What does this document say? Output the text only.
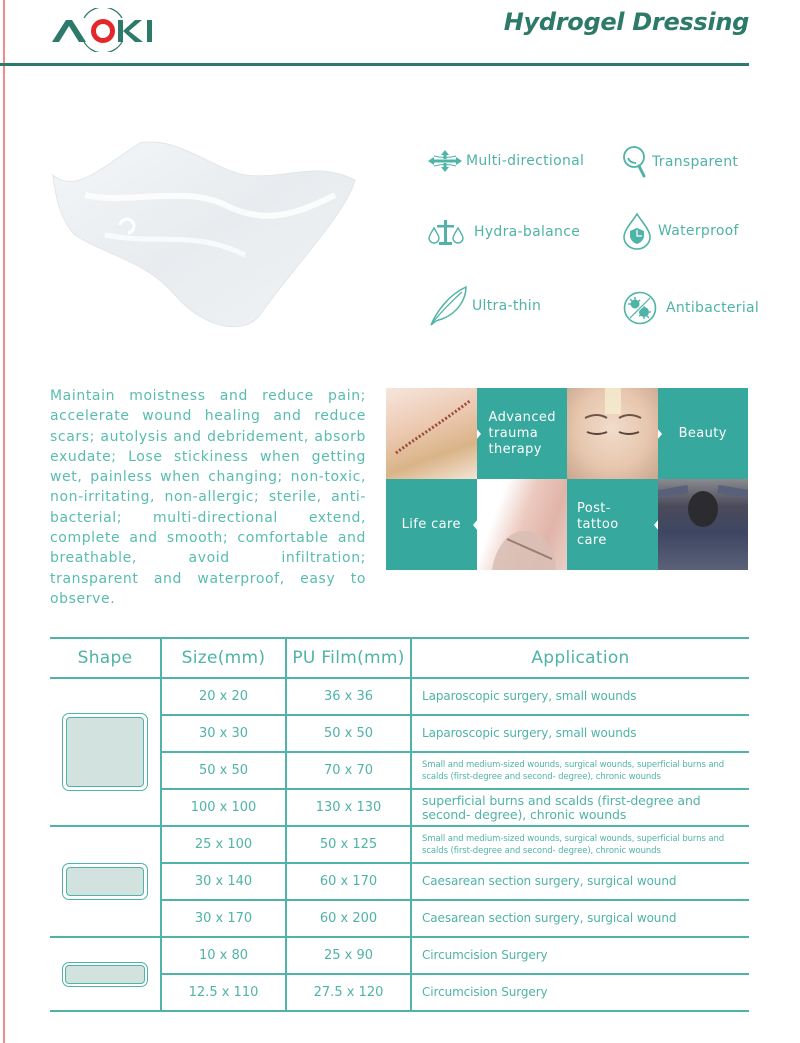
Hydrogel Dressing
Multi-directional	Transparent
Hydra-balance	Waterproof
Ultra-thin	Antibacterial
Maintain moistness and reduce pain; accelerate wound healing and reduce scars; autolysis and debridement, absorb exudate; Lose stickiness when getting wet, painless when changing; non-toxic, non-irritating, non-allergic; sterile, anti-bacterial; multi-directional extend, complete and smooth; comfortable and breathable, avoid infiltration; transparent and waterproof, easy to observe.
Advanced trauma therapy
Beauty
Life care
Post-tattoo care
Shape	Size(mm)	PU Film(mm)	Application

	20 x 20	36 x 36	Laparoscopic surgery, small wounds
	30 x 30	50 x 50	Laparoscopic surgery, small wounds
	50 x 50	70 x 70	Small and medium-sized wounds, surgical wounds, superficial burns and scalds (first-degree and second- degree), chronic wounds
	100 x 100	130 x 130	superficial burns and scalds (first-degree and second- degree), chronic wounds

	25 x 100	50 x 125	Small and medium-sized wounds, surgical wounds, superficial burns and scalds (first-degree and second- degree), chronic wounds
	30 x 140	60 x 170	Caesarean section surgery, surgical wound
	30 x 170	60 x 200	Caesarean section surgery, surgical wound

	10 x 80	25 x 90	Circumcision Surgery
	12.5 x 110	27.5 x 120	Circumcision Surgery
